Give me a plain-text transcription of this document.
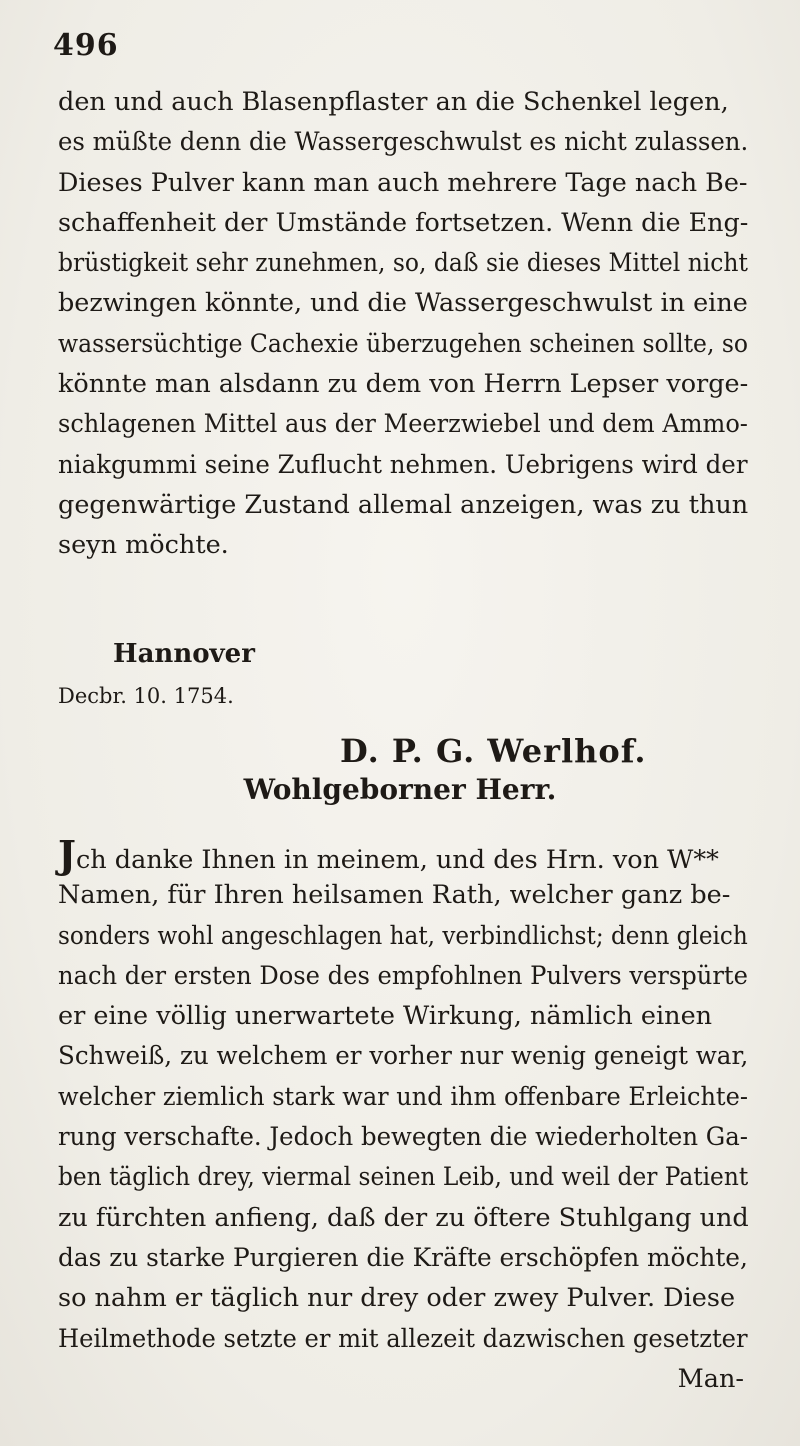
496
den und auch Blasenpflaster an die Schenkel legen,
es müßte denn die Wassergeschwulst es nicht zulassen.
Dieses Pulver kann man auch mehrere Tage nach Be-
schaffenheit der Umstände fortsetzen. Wenn die Eng-
brüstigkeit sehr zunehmen, so, daß sie dieses Mittel nicht
bezwingen könnte, und die Wassergeschwulst in eine
wassersüchtige Cachexie überzugehen scheinen sollte, so
könnte man alsdann zu dem von Herrn Lepser vorge-
schlagenen Mittel aus der Meerzwiebel und dem Ammo-
niakgummi seine Zuflucht nehmen. Uebrigens wird der
gegenwärtige Zustand allemal anzeigen, was zu thun
seyn möchte.
Hannover
Decbr. 10. 1754.
D. P. G. Werlhof.
Wohlgeborner Herr.
Jch danke Ihnen in meinem, und des Hrn. von W**
Namen, für Ihren heilsamen Rath, welcher ganz be-
sonders wohl angeschlagen hat, verbindlichst; denn gleich
nach der ersten Dose des empfohlnen Pulvers verspürte
er eine völlig unerwartete Wirkung, nämlich einen
Schweiß, zu welchem er vorher nur wenig geneigt war,
welcher ziemlich stark war und ihm offenbare Erleichte-
rung verschafte. Jedoch bewegten die wiederholten Ga-
ben täglich drey, viermal seinen Leib, und weil der Patient
zu fürchten anfieng, daß der zu öftere Stuhlgang und
das zu starke Purgieren die Kräfte erschöpfen möchte,
so nahm er täglich nur drey oder zwey Pulver. Diese
Heilmethode setzte er mit allezeit dazwischen gesetzter
Man-
